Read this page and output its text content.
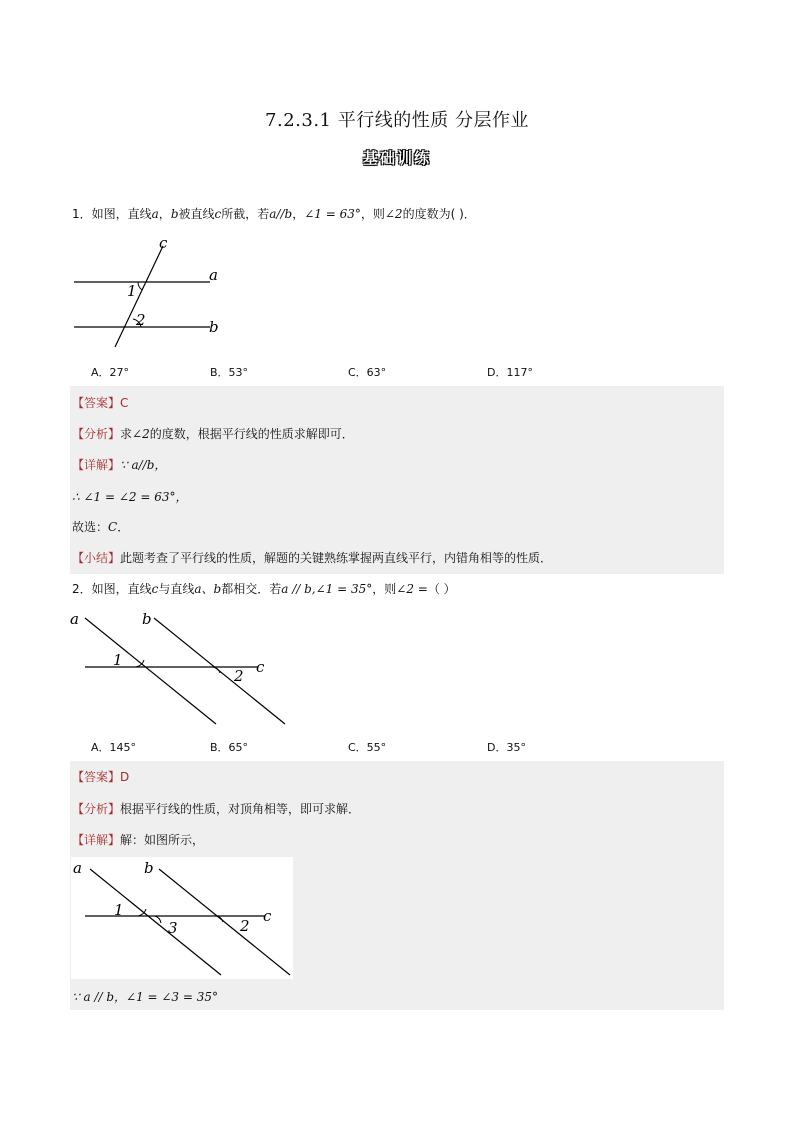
7.2.3.1 平行线的性质 分层作业
基础训练
1．如图，直线a，b被直线c所截，若a//b，∠1 = 63°，则∠2的度数为( )．
c
a
b
1
2
A．27°	B．53°	C．63°	D．117°
【答案】C
【分析】求∠2的度数，根据平行线的性质求解即可．
【详解】∵ a//b，
∴ ∠1 = ∠2 = 63°，
故选：C．
【小结】此题考查了平行线的性质，解题的关键熟练掌握两直线平行，内错角相等的性质．
2．如图，直线c与直线a、b都相交．若a // b,∠1 = 35°，则∠2 =（ ）
a	b
c
1
2
A．145°	B．65°	C．55°	D．35°
【答案】D
【分析】根据平行线的性质，对顶角相等，即可求解．
【详解】解：如图所示，
a	b
c
1
3	2
∵ a // b，∠1 = ∠3 = 35°
